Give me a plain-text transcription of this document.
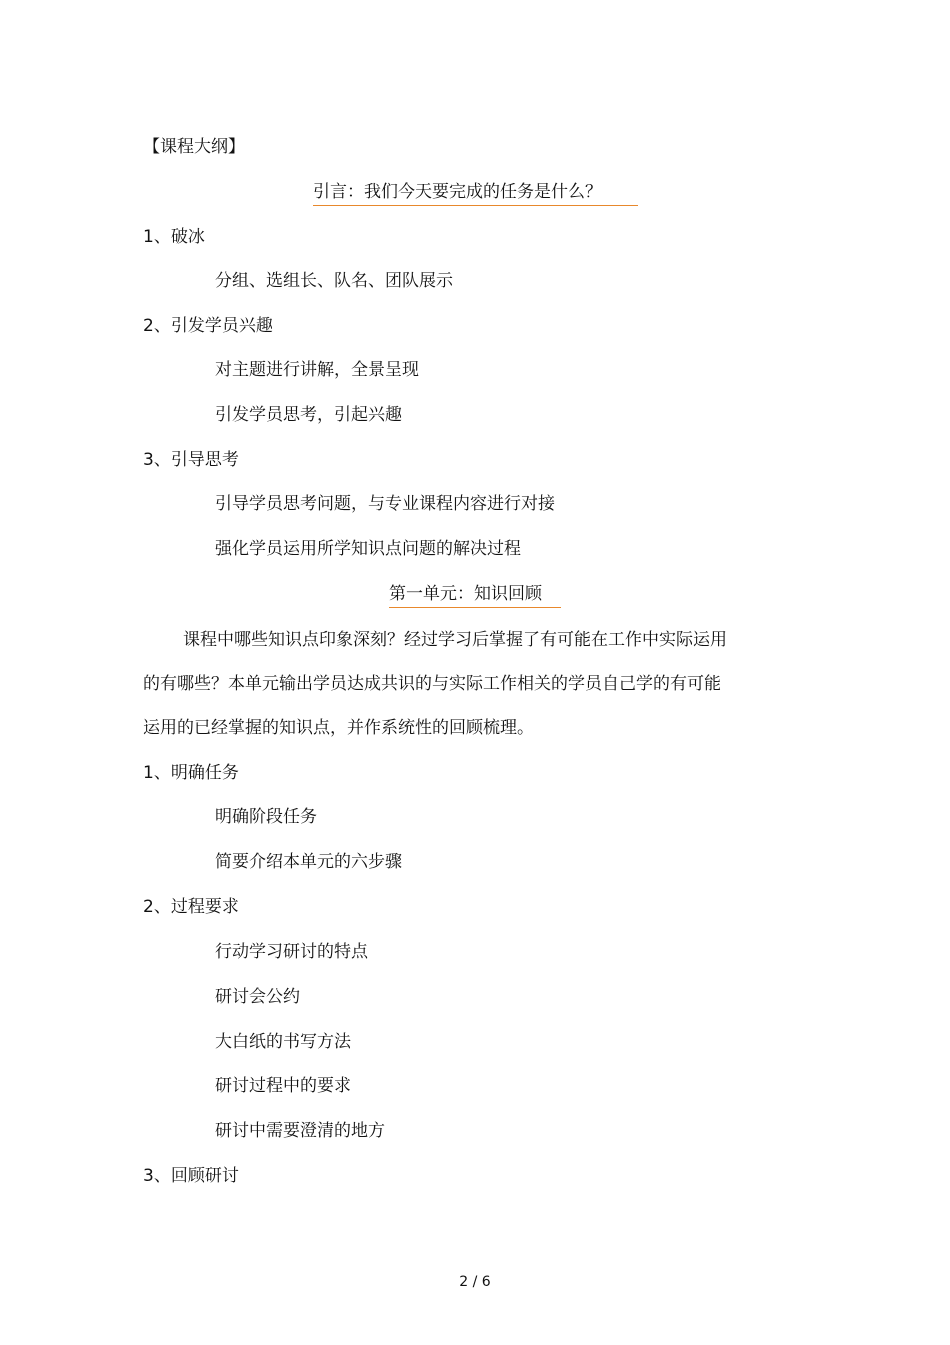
【课程大纲】
引言：我们今天要完成的任务是什么？
1、破冰
分组、选组长、队名、团队展示
2、引发学员兴趣
对主题进行讲解，全景呈现
引发学员思考，引起兴趣
3、引导思考
引导学员思考问题，与专业课程内容进行对接
强化学员运用所学知识点问题的解决过程
第一单元：知识回顾
课程中哪些知识点印象深刻？经过学习后掌握了有可能在工作中实际运用
的有哪些？本单元输出学员达成共识的与实际工作相关的学员自己学的有可能
运用的已经掌握的知识点，并作系统性的回顾梳理。
1、明确任务
明确阶段任务
简要介绍本单元的六步骤
2、过程要求
行动学习研讨的特点
研讨会公约
大白纸的书写方法
研讨过程中的要求
研讨中需要澄清的地方
3、回顾研讨
2 / 6
